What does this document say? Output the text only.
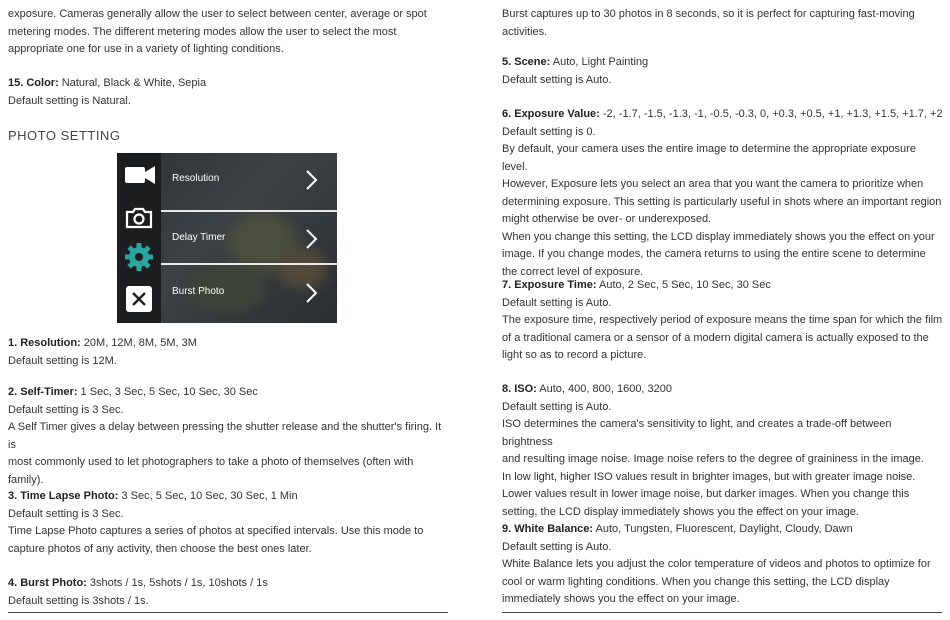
exposure. Cameras generally allow the user to select between center, average or spot

metering modes. The different metering modes allow the user to select the most

appropriate one for use in a variety of lighting conditions.

15. Color: Natural, Black & White, Sepia

Default setting is Natural.

PHOTO SETTING

1. Resolution: 20M, 12M, 8M, 5M, 3M

Default setting is 12M.

2. Self-Timer: 1 Sec, 3 Sec, 5 Sec, 10 Sec, 30 Sec

Default setting is 3 Sec.

A Self Timer gives a delay between pressing the shutter release and the shutter's firing. It is

most commonly used to let photographers to take a photo of themselves (often with

family).

3. Time Lapse Photo: 3 Sec, 5 Sec, 10 Sec, 30 Sec, 1 Min

Default setting is 3 Sec.

Time Lapse Photo captures a series of photos at specified intervals. Use this mode to

capture photos of any activity, then choose the best ones later.

4. Burst Photo: 3shots / 1s, 5shots / 1s, 10shots / 1s

Default setting is 3shots / 1s.

Resolution
Delay Timer
Burst Photo

Burst captures up to 30 photos in 8 seconds, so it is perfect for capturing fast-moving

activities.

5. Scene: Auto, Light Painting

Default setting is Auto.

6. Exposure Value: -2, -1.7, -1.5, -1.3, -1, -0.5, -0.3, 0, +0.3, +0.5, +1, +1.3, +1.5, +1.7, +2

Default setting is 0.

By default, your camera uses the entire image to determine the appropriate exposure level.

However, Exposure lets you select an area that you want the camera to prioritize when

determining exposure. This setting is particularly useful in shots where an important region

might otherwise be over- or underexposed.

When you change this setting, the LCD display immediately shows you the effect on your

image. If you change modes, the camera returns to using the entire scene to determine

the correct level of exposure.

7. Exposure Time: Auto, 2 Sec, 5 Sec, 10 Sec, 30 Sec

Default setting is Auto.

The exposure time, respectively period of exposure means the time span for which the film

of a traditional camera or a sensor of a modern digital camera is actually exposed to the

light so as to record a picture.

8. ISO: Auto, 400, 800, 1600, 3200

Default setting is Auto.

ISO determines the camera's sensitivity to light, and creates a trade-off between brightness

and resulting image noise. Image noise refers to the degree of graininess in the image.

In low light, higher ISO values result in brighter images, but with greater image noise.

Lower values result in lower image noise, but darker images. When you change this

setting, the LCD display immediately shows you the effect on your image.

9. White Balance: Auto, Tungsten, Fluorescent, Daylight, Cloudy, Dawn

Default setting is Auto.

White Balance lets you adjust the color temperature of videos and photos to optimize for

cool or warm lighting conditions. When you change this setting, the LCD display

immediately shows you the effect on your image.
